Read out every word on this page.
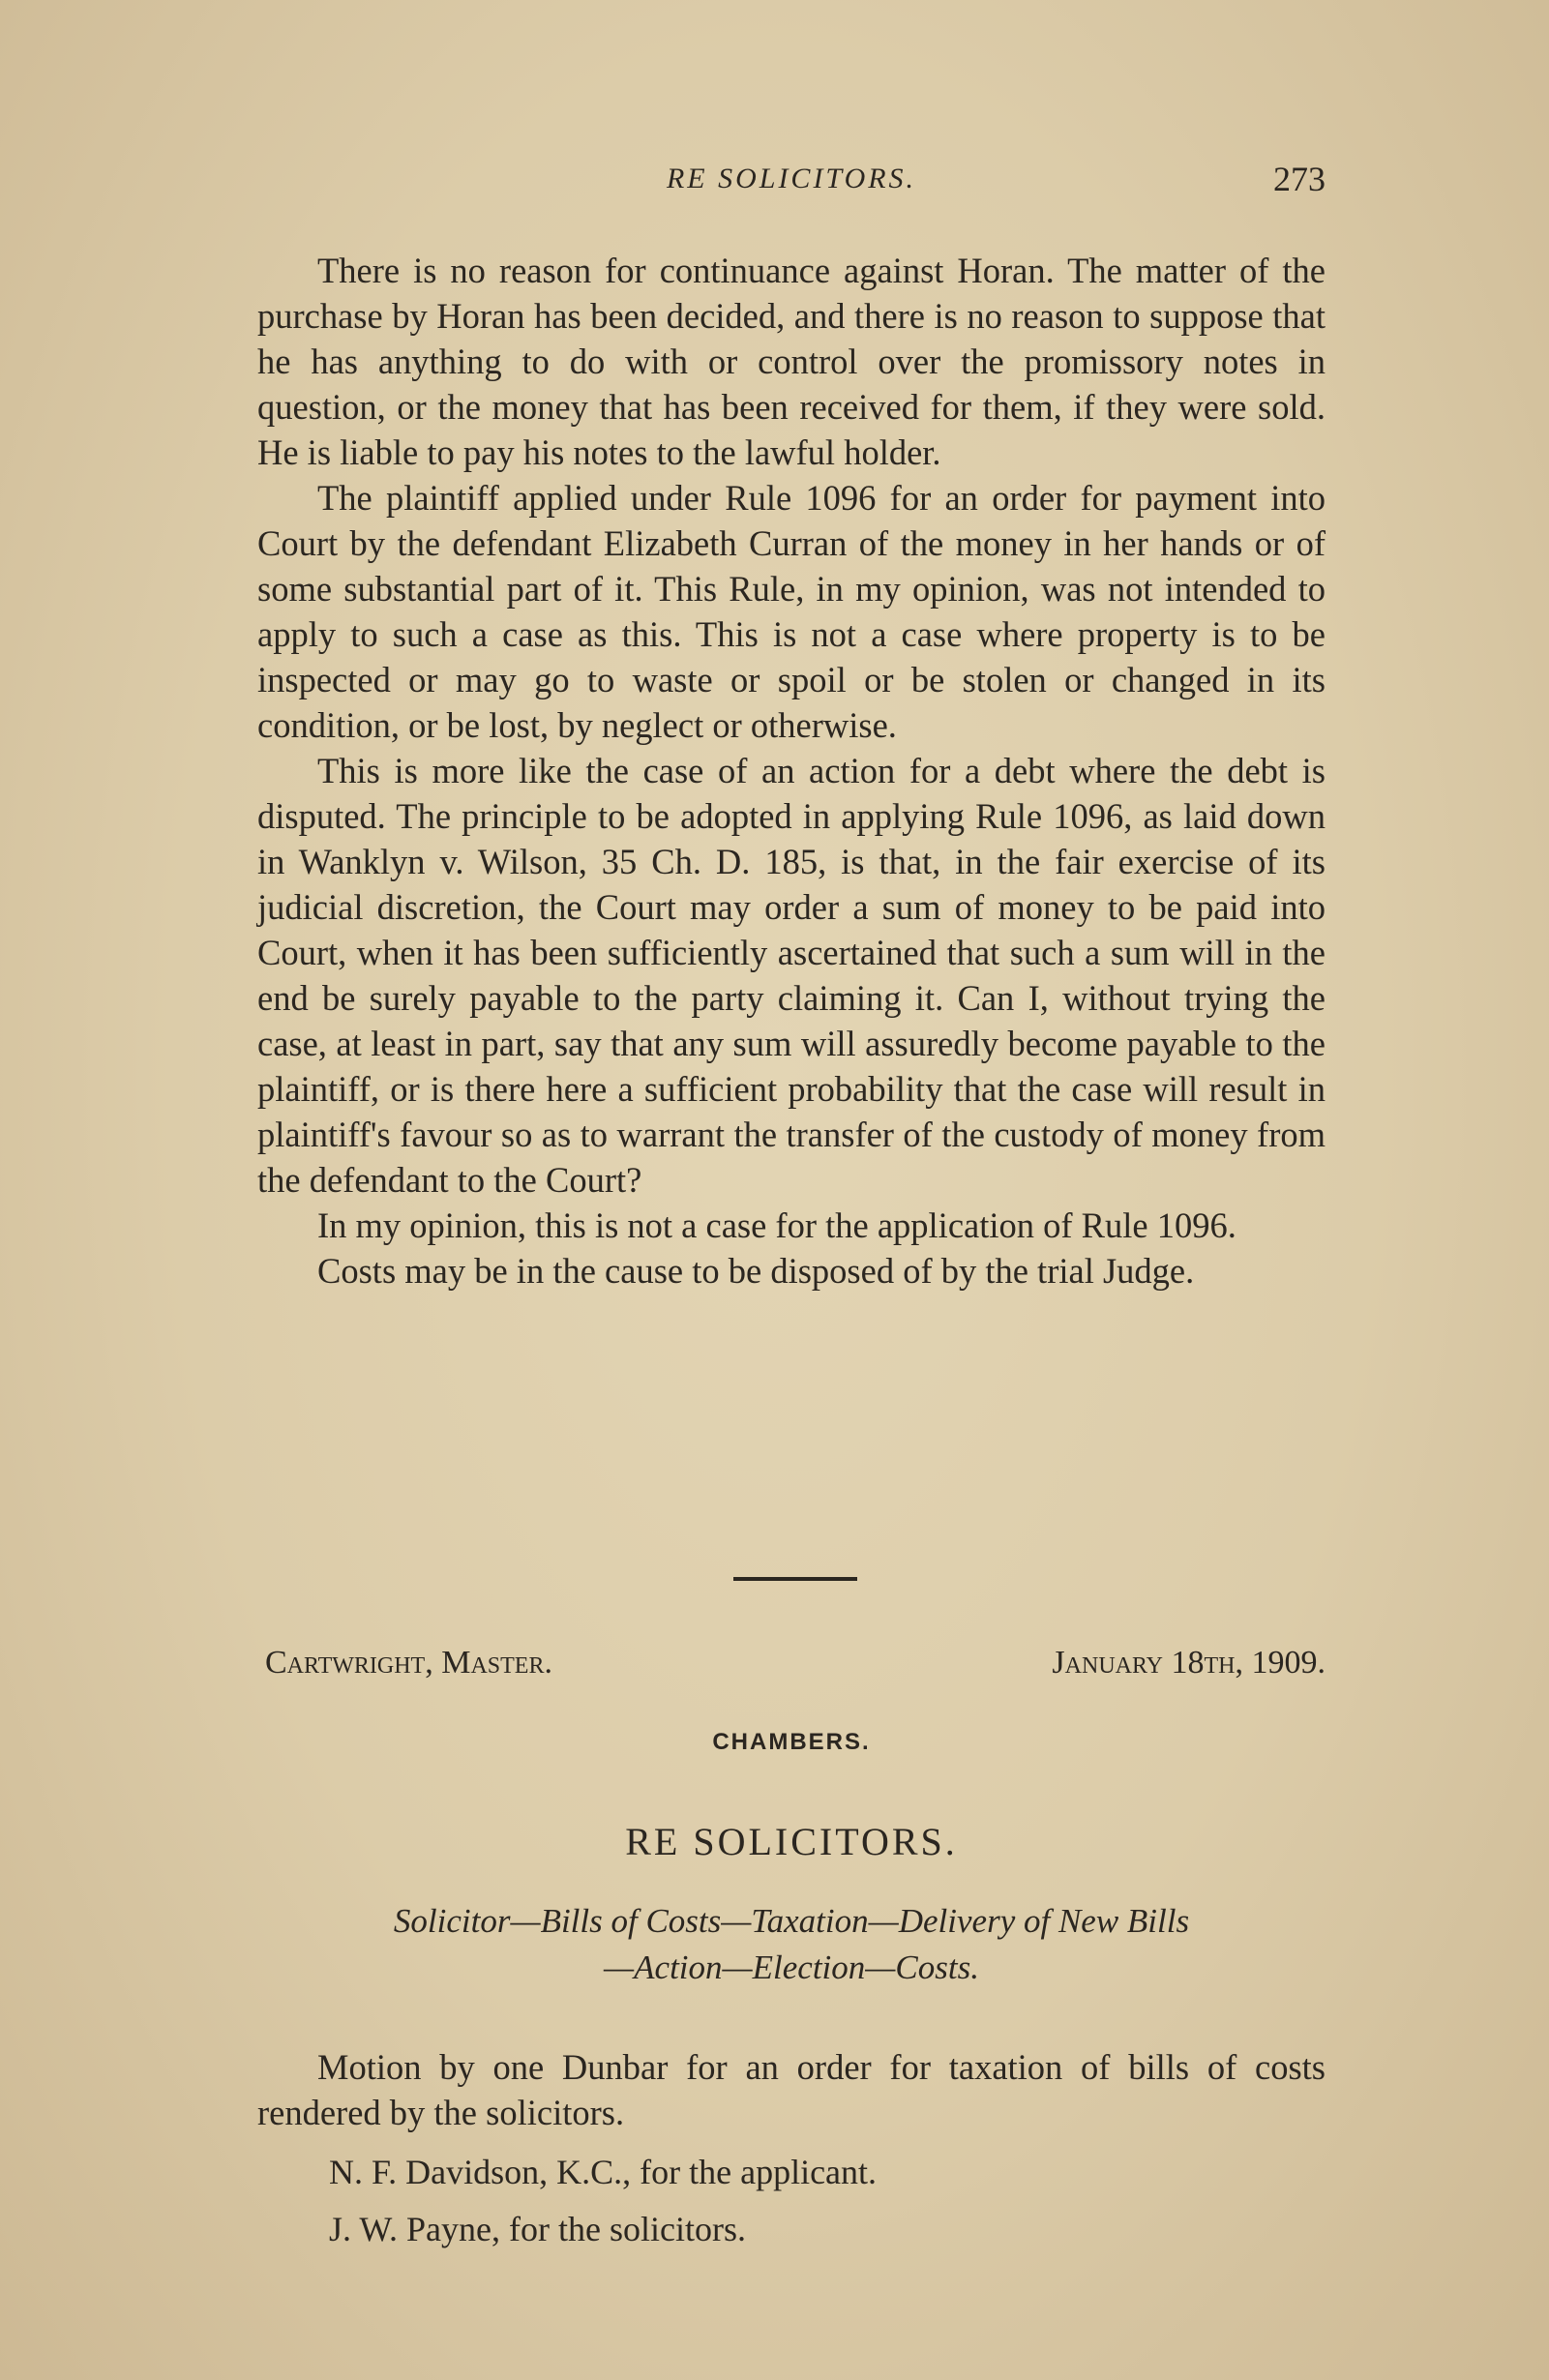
RE SOLICITORS.	273

There is no reason for continuance against Horan. The matter of the purchase by Horan has been decided, and there is no reason to suppose that he has anything to do with or control over the promissory notes in question, or the money that has been received for them, if they were sold. He is liable to pay his notes to the lawful holder.

The plaintiff applied under Rule 1096 for an order for payment into Court by the defendant Elizabeth Curran of the money in her hands or of some substantial part of it. This Rule, in my opinion, was not intended to apply to such a case as this. This is not a case where property is to be inspected or may go to waste or spoil or be stolen or changed in its condition, or be lost, by neglect or otherwise.

This is more like the case of an action for a debt where the debt is disputed. The principle to be adopted in applying Rule 1096, as laid down in Wanklyn v. Wilson, 35 Ch. D. 185, is that, in the fair exercise of its judicial discretion, the Court may order a sum of money to be paid into Court, when it has been sufficiently ascertained that such a sum will in the end be surely payable to the party claiming it. Can I, without trying the case, at least in part, say that any sum will assuredly become payable to the plaintiff, or is there here a sufficient probability that the case will result in plaintiff's favour so as to warrant the transfer of the custody of money from the defendant to the Court?

In my opinion, this is not a case for the application of Rule 1096.

Costs may be in the cause to be disposed of by the trial Judge.

Cartwright, Master.	January 18th, 1909.
CHAMBERS.
RE SOLICITORS.
Solicitor—Bills of Costs—Taxation—Delivery of New Bills
—Action—Election—Costs.

Motion by one Dunbar for an order for taxation of bills of costs rendered by the solicitors.

N. F. Davidson, K.C., for the applicant.
J. W. Payne, for the solicitors.
